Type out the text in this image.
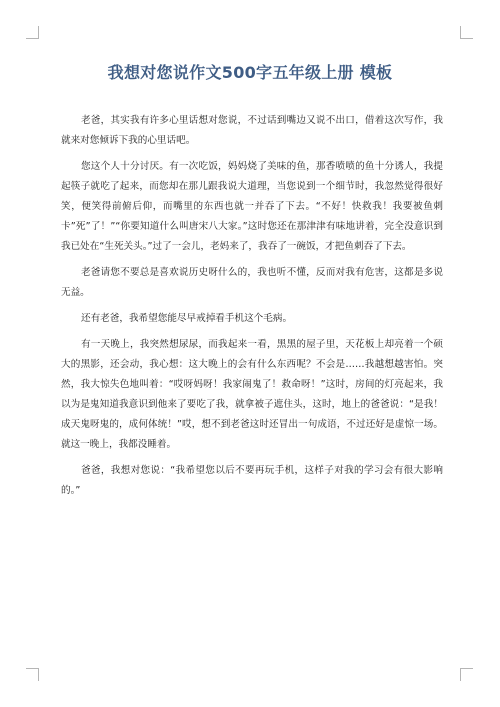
我想对您说作文500字五年级上册 模板

老爸，其实我有许多心里话想对您说，不过话到嘴边又说不出口，借着这次写作，我就来对您倾诉下我的心里话吧。

您这个人十分讨厌。有一次吃饭，妈妈烧了美味的鱼，那香喷喷的鱼十分诱人，我提起筷子就吃了起来，而您却在那儿跟我说大道理，当您说到一个细节时，我忽然觉得很好笑，便笑得前俯后仰，而嘴里的东西也就一并吞了下去。“不好！快救我！我要被鱼刺卡”死”了！”“你要知道什么叫唐宋八大家。”这时您还在那津津有味地讲着，完全没意识到我已处在“生死关头。”过了一会儿，老妈来了，我吞了一碗饭，才把鱼刺吞了下去。

老爸请您不要总是喜欢说历史呀什么的，我也听不懂，反而对我有危害，这都是多说无益。

还有老爸，我希望您能尽早戒掉看手机这个毛病。

有一天晚上，我突然想尿尿，而我起来一看，黑黑的屋子里，天花板上却亮着一个硕大的黑影，还会动，我心想：这大晚上的会有什么东西呢？不会是……我越想越害怕。突然，我大惊失色地叫着：“哎呀妈呀！我家闹鬼了！救命呀！”这时，房间的灯亮起来，我以为是鬼知道我意识到他来了要吃了我，就拿被子遮住头，这时，地上的爸爸说：“是我！成天鬼呀鬼的，成何体统！”哎，想不到老爸这时还冒出一句成语，不过还好是虚惊一场。就这一晚上，我都没睡着。

爸爸，我想对您说：“我希望您以后不要再玩手机，这样子对我的学习会有很大影响的。”
